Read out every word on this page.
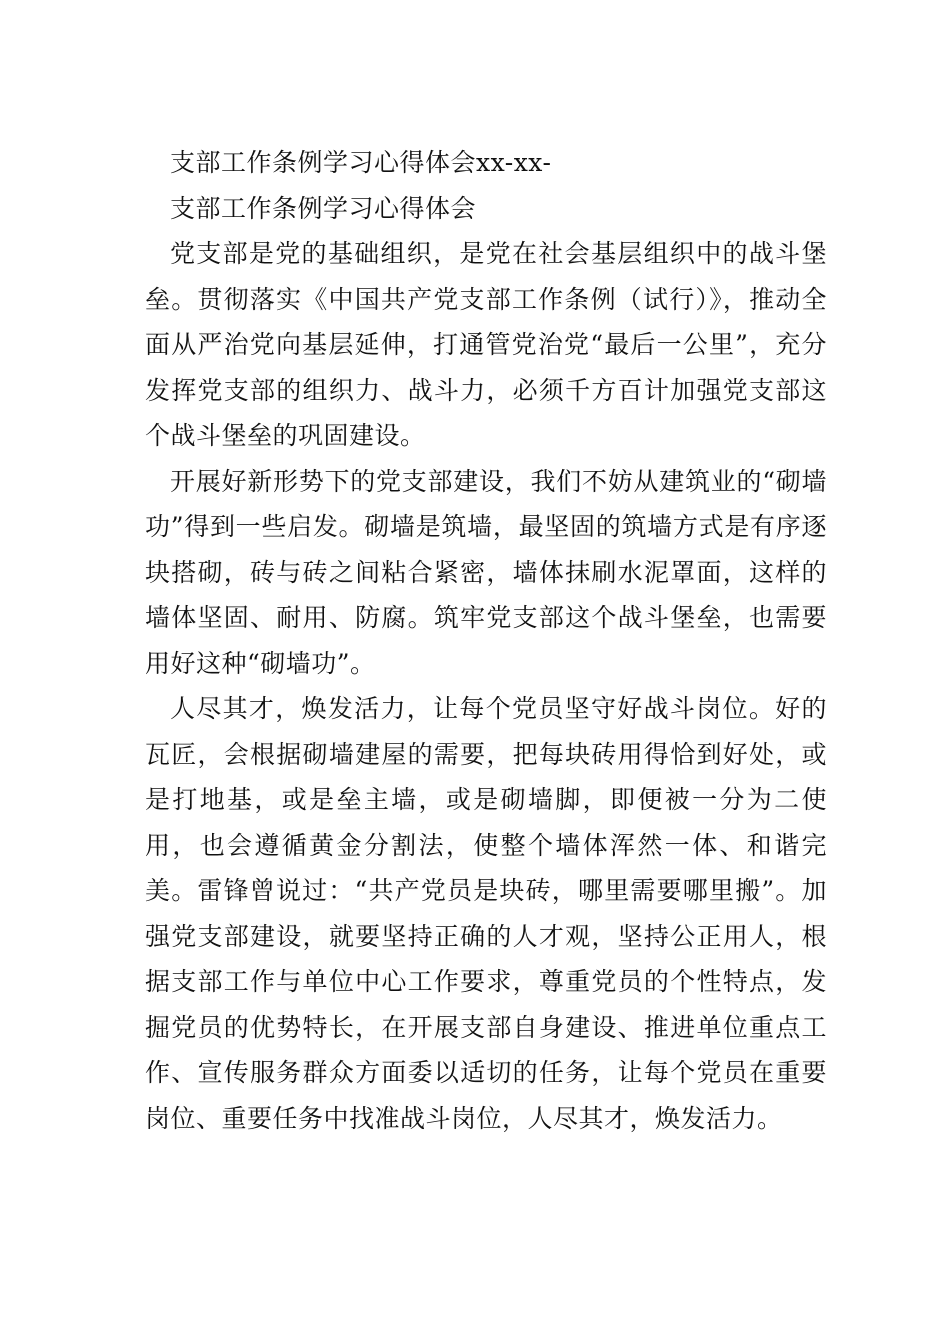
支部工作条例学习心得体会xx-xx-
支部工作条例学习心得体会

党支部是党的基础组织，是党在社会基层组织中的战斗堡垒。贯彻落实《中国共产党支部工作条例（试行）》，推动全面从严治党向基层延伸，打通管党治党“最后一公里”，充分发挥党支部的组织力、战斗力，必须千方百计加强党支部这个战斗堡垒的巩固建设。

开展好新形势下的党支部建设，我们不妨从建筑业的“砌墙功”得到一些启发。砌墙是筑墙，最坚固的筑墙方式是有序逐块搭砌，砖与砖之间粘合紧密，墙体抹刷水泥罩面，这样的墙体坚固、耐用、防腐。筑牢党支部这个战斗堡垒，也需要用好这种“砌墙功”。

人尽其才，焕发活力，让每个党员坚守好战斗岗位。好的瓦匠，会根据砌墙建屋的需要，把每块砖用得恰到好处，或是打地基，或是垒主墙，或是砌墙脚，即便被一分为二使用，也会遵循黄金分割法，使整个墙体浑然一体、和谐完美。雷锋曾说过：“共产党员是块砖，哪里需要哪里搬”。加强党支部建设，就要坚持正确的人才观，坚持公正用人，根据支部工作与单位中心工作要求，尊重党员的个性特点，发掘党员的优势特长，在开展支部自身建设、推进单位重点工作、宣传服务群众方面委以适切的任务，让每个党员在重要岗位、重要任务中找准战斗岗位，人尽其才，焕发活力。
